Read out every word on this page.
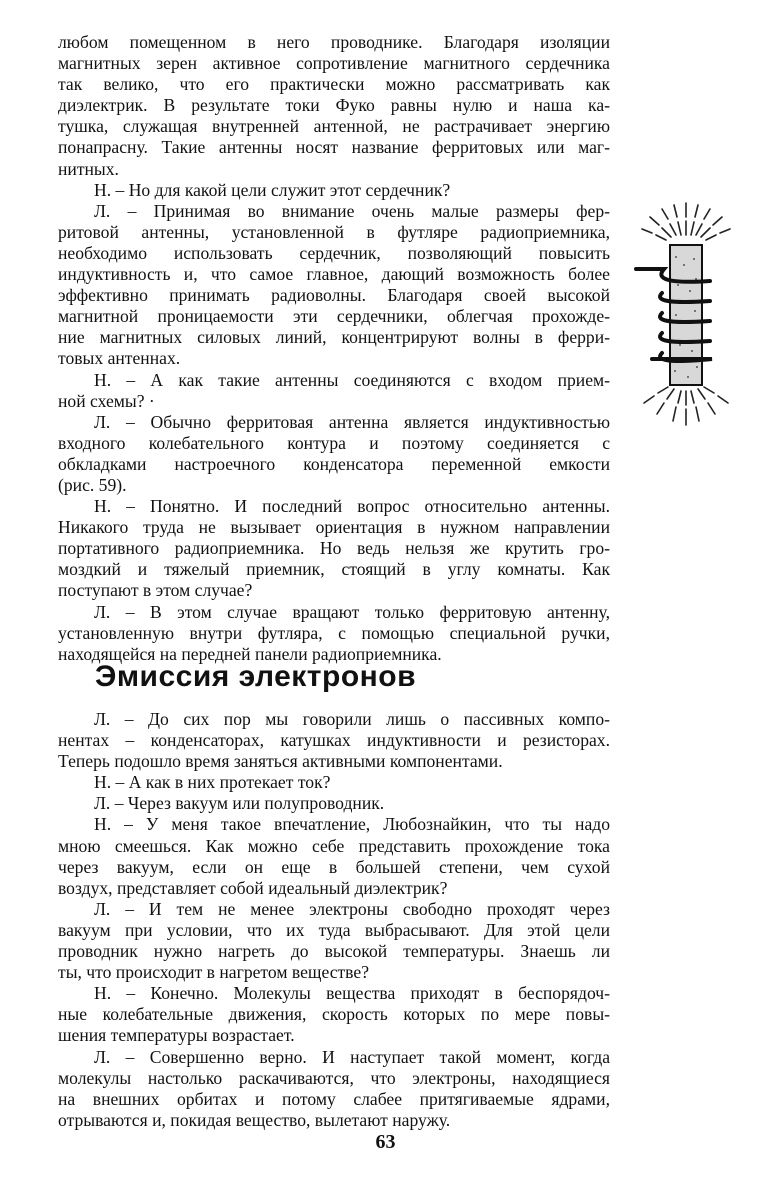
любом помещенном в него проводнике. Благодаря изоляции
магнитных зерен активное сопротивление магнитного сердечника
так велико, что его практически можно рассматривать как
диэлектрик. В результате токи Фуко равны нулю и наша ка-
тушка, служащая внутренней антенной, не растрачивает энергию
понапрасну. Такие антенны носят название ферритовых или маг-
нитных.
Н. – Но для какой цели служит этот сердечник?
Л. – Принимая во внимание очень малые размеры фер-
ритовой антенны, установленной в футляре радиоприемника,
необходимо использовать сердечник, позволяющий повысить
индуктивность и, что самое главное, дающий возможность более
эффективно принимать радиоволны. Благодаря своей высокой
магнитной проницаемости эти сердечники, облегчая прохожде-
ние магнитных силовых линий, концентрируют волны в ферри-
товых антеннах.
Н. – А как такие антенны соединяются с входом прием-
ной схемы? ·
Л. – Обычно ферритовая антенна является индуктивностью
входного колебательного контура и поэтому соединяется с
обкладками настроечного конденсатора переменной емкости
(рис. 59).
Н. – Понятно. И последний вопрос относительно антенны.
Никакого труда не вызывает ориентация в нужном направлении
портативного радиоприемника. Но ведь нельзя же крутить гро-
моздкий и тяжелый приемник, стоящий в углу комнаты. Как
поступают в этом случае?
Л. – В этом случае вращают только ферритовую антенну,
установленную внутри футляра, с помощью специальной ручки,
находящейся на передней панели радиоприемника.
Эмиссия электронов
Л. – До сих пор мы говорили лишь о пассивных компо-
нентах – конденсаторах, катушках индуктивности и резисторах.
Теперь подошло время заняться активными компонентами.
Н. – А как в них протекает ток?
Л. – Через вакуум или полупроводник.
Н. – У меня такое впечатление, Любознайкин, что ты надо
мною смеешься. Как можно себе представить прохождение тока
через вакуум, если он еще в большей степени, чем сухой
воздух, представляет собой идеальный диэлектрик?
Л. – И тем не менее электроны свободно проходят через
вакуум при условии, что их туда выбрасывают. Для этой цели
проводник нужно нагреть до высокой температуры. Знаешь ли
ты, что происходит в нагретом веществе?
Н. – Конечно. Молекулы вещества приходят в беспорядоч-
ные колебательные движения, скорость которых по мере повы-
шения температуры возрастает.
Л. – Совершенно верно. И наступает такой момент, когда
молекулы настолько раскачиваются, что электроны, находящиеся
на внешних орбитах и потому слабее притягиваемые ядрами,
отрываются и, покидая вещество, вылетают наружу.
63
